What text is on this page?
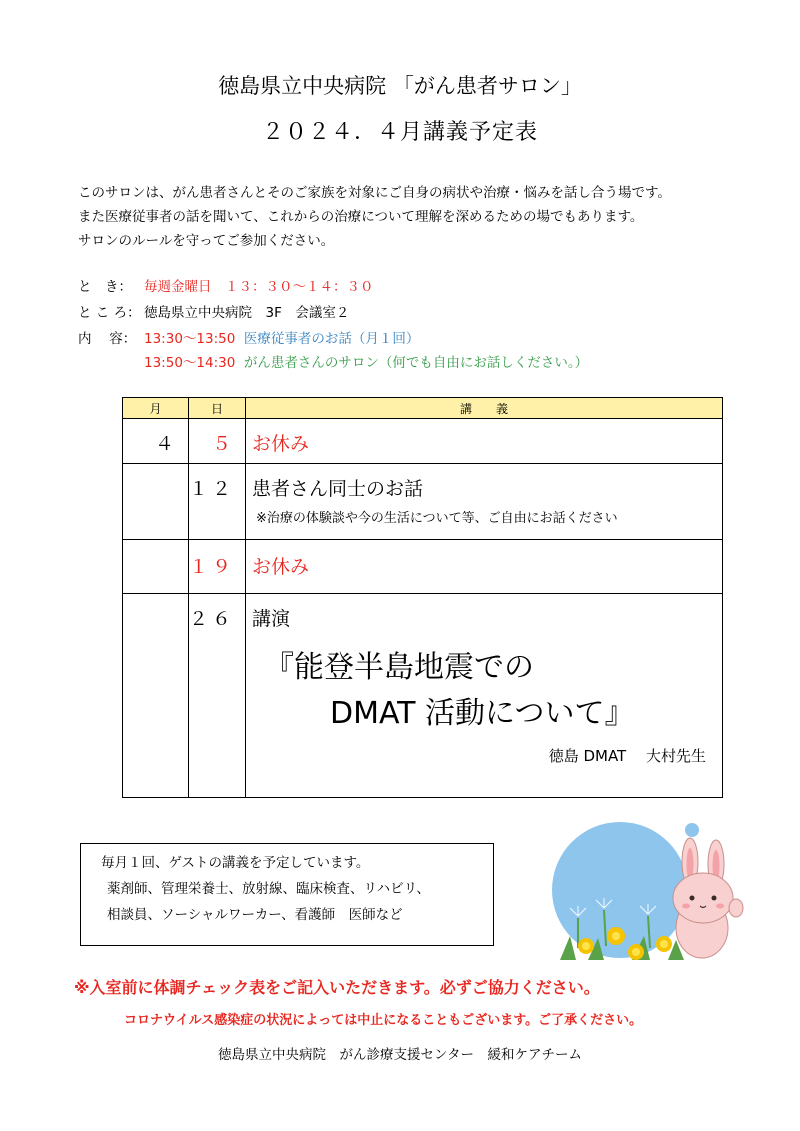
徳島県立中央病院 「がん患者サロン」
２０２４．４月講義予定表
このサロンは、がん患者さんとそのご家族を対象にご自身の病状や治療・悩みを話し合う場です。
また医療従事者の話を聞いて、これからの治療について理解を深めるための場でもあります。
サロンのルールを守ってご参加ください。
と　き： 毎週金曜日　１３：３０～１４：３０
と こ ろ： 徳島県立中央病院　3F　会議室２
内　 容： 13:30～13:50 医療従事者のお話（月１回）
13:50～14:30 がん患者さんのサロン（何でも自由にお話しください。）
月	日	講　　義
４	５	お休み

	１２	患者さん同士のお話
※治療の体験談や今の生活について等、ご自由にお話ください

	１９	お休み

	２６	講演
『能登半島地震での
DMAT 活動について』
徳島 DMAT　 大村先生
毎月１回、ゲストの講義を予定しています。
薬剤師、管理栄養士、放射線、臨床検査、リハビリ、
相談員、ソーシャルワーカー、看護師　医師など
※入室前に体調チェック表をご記入いただきます。必ずご協力ください。
コロナウイルス感染症の状況によっては中止になることもございます。ご了承ください。
徳島県立中央病院　がん診療支援センター　緩和ケアチーム
